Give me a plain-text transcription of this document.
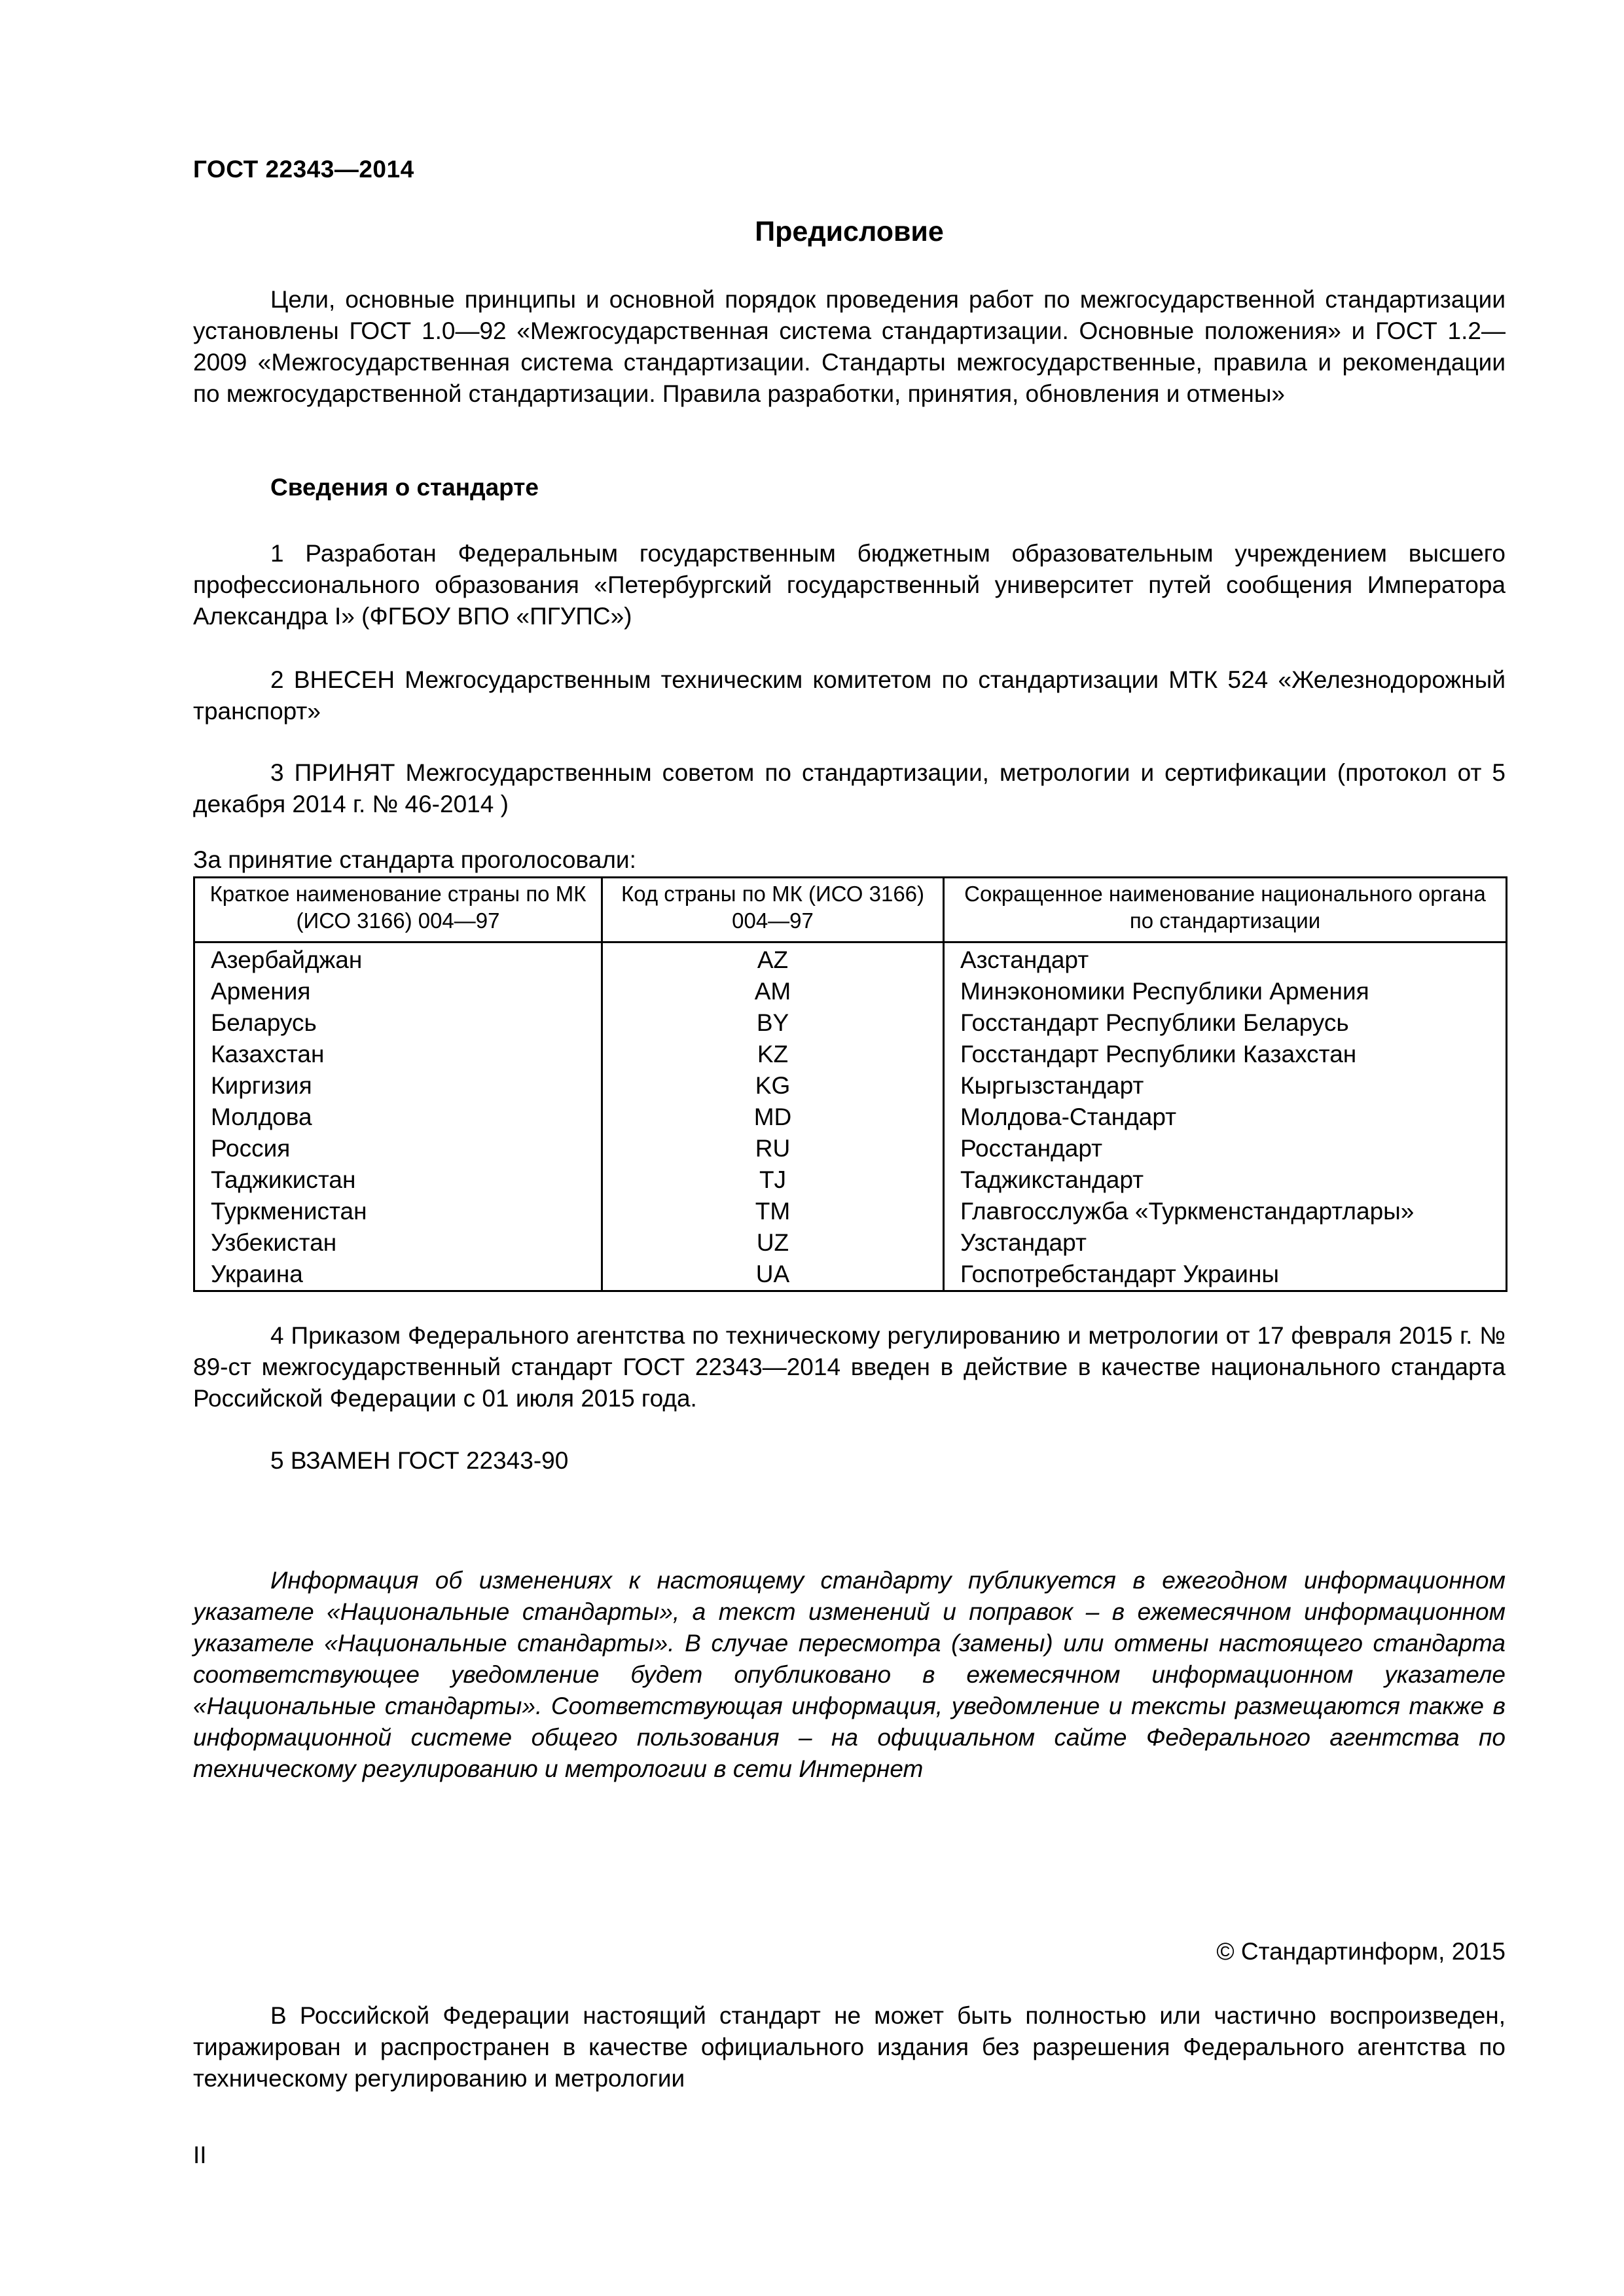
ГОСТ 22343—2014
Предисловие

Цели, основные принципы и основной порядок проведения работ по межгосударственной стандартизации установлены ГОСТ 1.0—92 «Межгосударственная система стандартизации. Основные положения» и ГОСТ 1.2—2009 «Межгосударственная система стандартизации. Стандарты межгосударственные, правила и рекомендации по межгосударственной стандартизации. Правила разработки, принятия, обновления и отмены»

Сведения о стандарте

1 Разработан Федеральным государственным бюджетным образовательным учреждением высшего профессионального образования «Петербургский государственный университет путей сообщения Императора Александра I» (ФГБОУ ВПО «ПГУПС»)

2 ВНЕСЕН Межгосударственным техническим комитетом по стандартизации МТК 524 «Железнодорожный транспорт»

3 ПРИНЯТ Межгосударственным советом по стандартизации, метрологии и сертификации (протокол от 5 декабря 2014 г. № 46-2014 )

За принятие стандарта проголосовали:
Краткое наименование страны по МК (ИСО 3166) 004—97	Код страны по МК (ИСО 3166) 004—97	Сокращенное наименование национального органа по стандартизации
Азербайджан	AZ	Азстандарт
Армения	AM	Минэкономики Республики Армения
Беларусь	BY	Госстандарт Республики Беларусь
Казахстан	KZ	Госстандарт Республики Казахстан
Киргизия	KG	Кыргызстандарт
Молдова	MD	Молдова-Стандарт
Россия	RU	Росстандарт
Таджикистан	TJ	Таджикстандарт
Туркменистан	TM	Главгосслужба «Туркменстандартлары»
Узбекистан	UZ	Узстандарт
Украина	UA	Госпотребстандарт Украины

4 Приказом Федерального агентства по техническому регулированию и метрологии от 17 февраля 2015 г. № 89-ст межгосударственный стандарт ГОСТ 22343—2014 введен в действие в качестве национального стандарта Российской Федерации с 01 июля 2015 года.

5 ВЗАМЕН ГОСТ 22343-90

Информация об изменениях к настоящему стандарту публикуется в ежегодном информационном указателе «Национальные стандарты», а текст изменений и поправок – в ежемесячном информационном указателе «Национальные стандарты». В случае пересмотра (замены) или отмены настоящего стандарта соответствующее уведомление будет опубликовано в ежемесячном информационном указателе «Национальные стандарты». Соответствующая информация, уведомление и тексты размещаются также в информационной системе общего пользования – на официальном сайте Федерального агентства по техническому регулированию и метрологии в сети Интернет

© Стандартинформ, 2015

В Российской Федерации настоящий стандарт не может быть полностью или частично воспроизведен, тиражирован и распространен в качестве официального издания без разрешения Федерального агентства по техническому регулированию и метрологии

II
